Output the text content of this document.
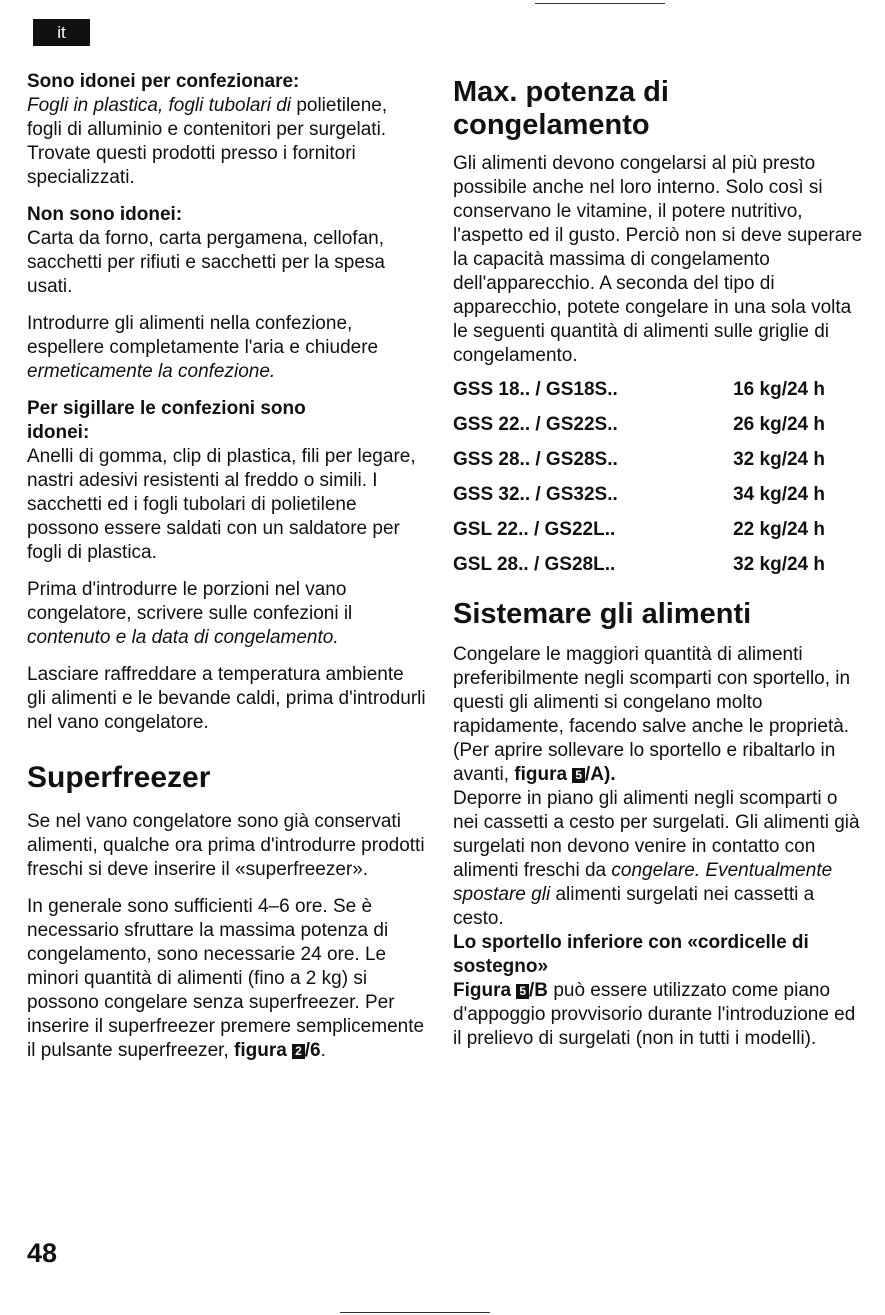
it
Sono idonei per confezionare:

Fogli in plastica, fogli tubolari di polietilene, fogli di alluminio e contenitori per surgelati. Trovate questi prodotti presso i fornitori specializzati.

Non sono idonei:

Carta da forno, carta pergamena, cellofan, sacchetti per rifiuti e sacchetti per la spesa usati.

Introdurre gli alimenti nella confezione, espellere completamente l'aria e chiudere ermeticamente la confezione.

Per sigillare le confezioni sono idonei:

Anelli di gomma, clip di plastica, fili per legare, nastri adesivi resistenti al freddo o simili. I sacchetti ed i fogli tubolari di polietilene possono essere saldati con un saldatore per fogli di plastica.

Prima d'introdurre le porzioni nel vano congelatore, scrivere sulle confezioni il contenuto e la data di congelamento.

Lasciare raffreddare a temperatura ambiente gli alimenti e le bevande caldi, prima d'introdurli nel vano congelatore.

Superfreezer

Se nel vano congelatore sono già conservati alimenti, qualche ora prima d'introdurre prodotti freschi si deve inserire il «superfreezer».

In generale sono sufficienti 4–6 ore. Se è necessario sfruttare la massima potenza di congelamento, sono necessarie 24 ore. Le minori quantità di alimenti (fino a 2 kg) si possono congelare senza superfreezer. Per inserire il superfreezer premere semplicemente il pulsante superfreezer, figura 2 /6.

Max. potenza di congelamento

Gli alimenti devono congelarsi al più presto possibile anche nel loro interno. Solo così si conservano le vitamine, il potere nutritivo, l'aspetto ed il gusto. Perciò non si deve superare la capacità massima di congelamento dell'apparecchio. A seconda del tipo di apparecchio, potete congelare in una sola volta le seguenti quantità di alimenti sulle griglie di congelamento.

GSS 18.. / GS18S..	16 kg/24 h
GSS 22.. / GS22S..	26 kg/24 h
GSS 28.. / GS28S..	32 kg/24 h
GSS 32.. / GS32S..	34 kg/24 h
GSL 22.. / GS22L..	22 kg/24 h
GSL 28.. / GS28L..	32 kg/24 h
Sistemare gli alimenti

Congelare le maggiori quantità di alimenti preferibilmente negli scomparti con sportello, in questi gli alimenti si congelano molto rapidamente, facendo salve anche le proprietà. (Per aprire sollevare lo sportello e ribaltarlo in avanti, figura 5 /A).

Deporre in piano gli alimenti negli scomparti o nei cassetti a cesto per surgelati. Gli alimenti già surgelati non devono venire in contatto con alimenti freschi da congelare. Eventualmente spostare gli alimenti surgelati nei cassetti a cesto.

Lo sportello inferiore con «cordicelle di sostegno»

Figura 5 /B può essere utilizzato come piano d'appoggio provvisorio durante l'introduzione ed il prelievo di surgelati (non in tutti i modelli).

48
